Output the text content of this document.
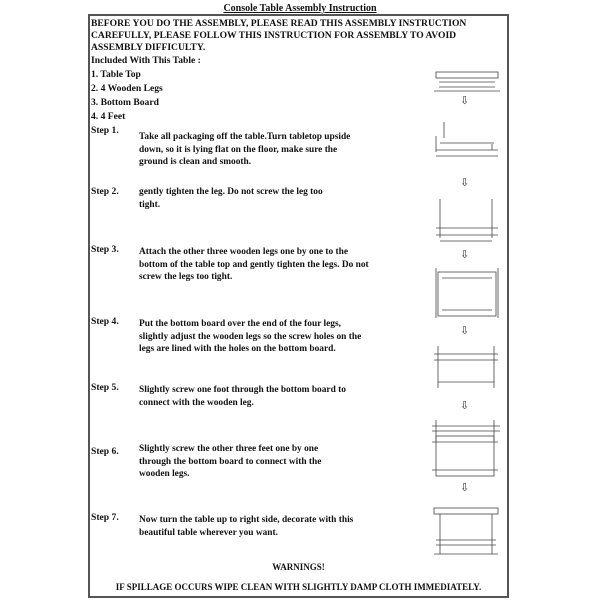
Console Table Assembly Instruction
BEFORE YOU DO THE ASSEMBLY, PLEASE READ THIS ASSEMBLY INSTRUCTION
CAREFULLY, PLEASE FOLLOW THIS INSTRUCTION FOR ASSEMBLY TO AVOID
ASSEMBLY DIFFICULTY.
Included With This Table :
1. Table Top
2. 4 Wooden Legs
3. Bottom Board
4. 4 Feet
Step 1.
Take all packaging off the table.Turn tabletop upside down, so it is lying flat on the floor, make sure the ground is clean and smooth.
Step 2. gently tighten the leg. Do not screw the leg too tight.
Step 3. Attach the other three wooden legs one by one to the bottom of the table top and gently tighten the legs. Do not screw the legs too tight.
Step 4. Put the bottom board over the end of the four legs, slightly adjust the wooden legs so the screw holes on the legs are lined with the holes on the bottom board.
Step 5. Slightly screw one foot through the bottom board to connect with the wooden leg.
Step 6. Slightly screw the other three feet one by one through the bottom board to connect with the wooden legs.
Step 7. Now turn the table up to right side, decorate with this beautiful table wherever you want.
WARNINGS!
IF SPILLAGE OCCURS WIPE CLEAN WITH SLIGHTLY DAMP CLOTH IMMEDIATELY.
⇩
⇩
⇩
⇩
⇩
⇩
